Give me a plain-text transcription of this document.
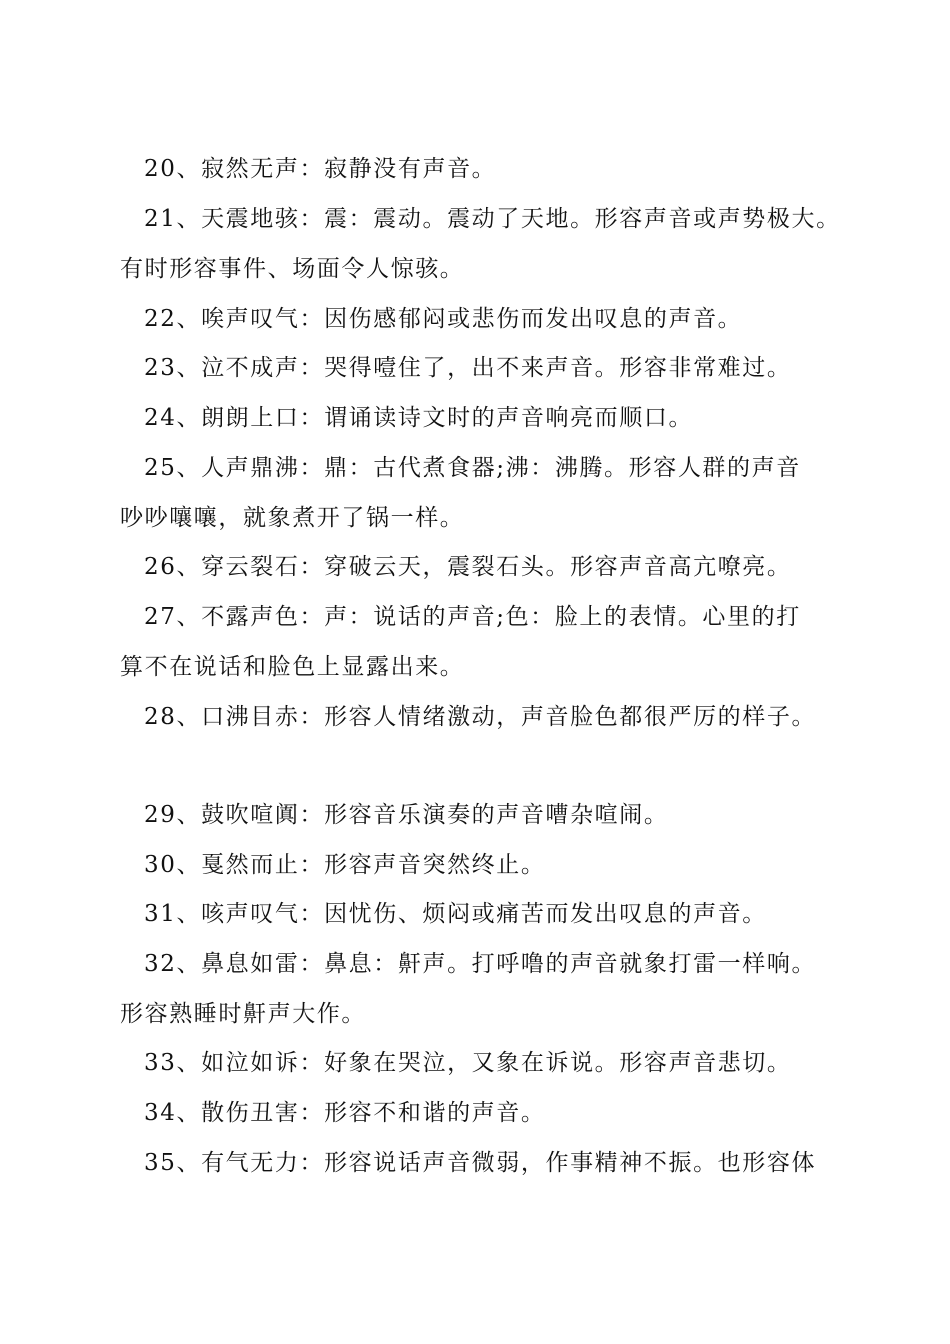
20、寂然无声：寂静没有声音。
21、天震地骇：震：震动。震动了天地。形容声音或声势极大。
有时形容事件、场面令人惊骇。
22、唉声叹气：因伤感郁闷或悲伤而发出叹息的声音。
23、泣不成声：哭得噎住了，出不来声音。形容非常难过。
24、朗朗上口：谓诵读诗文时的声音响亮而顺口。
25、人声鼎沸：鼎：古代煮食器;沸：沸腾。形容人群的声音
吵吵嚷嚷，就象煮开了锅一样。
26、穿云裂石：穿破云天，震裂石头。形容声音高亢嘹亮。
27、不露声色：声：说话的声音;色：脸上的表情。心里的打
算不在说话和脸色上显露出来。
28、口沸目赤：形容人情绪激动，声音脸色都很严厉的样子。
29、鼓吹喧阗：形容音乐演奏的声音嘈杂喧闹。
30、戛然而止：形容声音突然终止。
31、咳声叹气：因忧伤、烦闷或痛苦而发出叹息的声音。
32、鼻息如雷：鼻息：鼾声。打呼噜的声音就象打雷一样响。
形容熟睡时鼾声大作。
33、如泣如诉：好象在哭泣，又象在诉说。形容声音悲切。
34、散伤丑害：形容不和谐的声音。
35、有气无力：形容说话声音微弱，作事精神不振。也形容体
